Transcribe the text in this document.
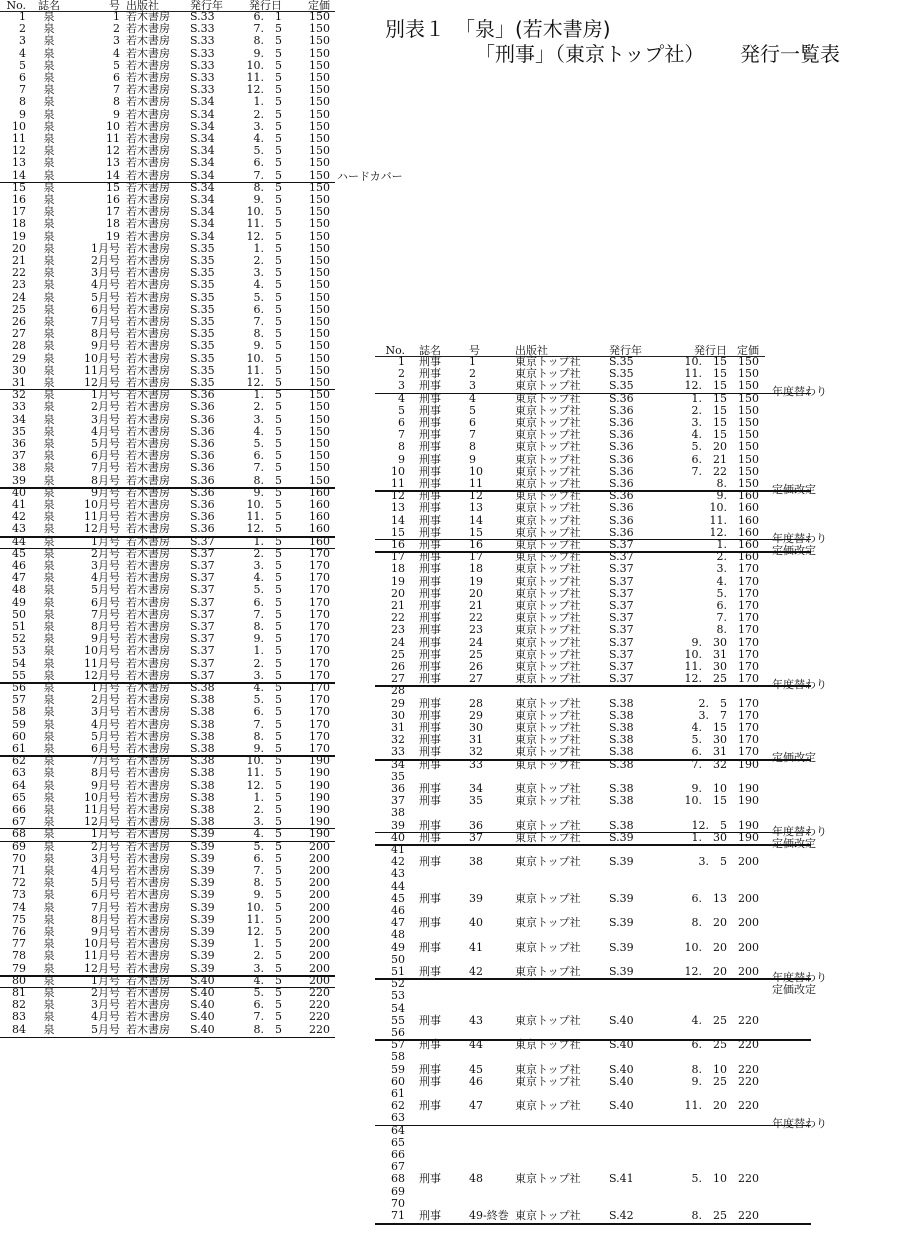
別表１　「泉」(若木書房)
「刑事」（東京トップ社） 発行一覧表
No.	誌名	号 出版社	発行年	発行日	定価
1	泉	1 若木書房	S.33	6.　1	150
2	泉	2 若木書房	S.33	7.　5	150
3	泉	3 若木書房	S.33	8.　5	150
4	泉	4 若木書房	S.33	9.　5	150
5	泉	5 若木書房	S.33	10.　5	150
6	泉	6 若木書房	S.33	11.　5	150
7	泉	7 若木書房	S.33	12.　5	150
8	泉	8 若木書房	S.34	1.　5	150
9	泉	9 若木書房	S.34	2.　5	150
10	泉	10 若木書房	S.34	3.　5	150
11	泉	11 若木書房	S.34	4.　5	150
12	泉	12 若木書房	S.34	5.　5	150
13	泉	13 若木書房	S.34	6.　5	150
14	泉	14 若木書房	S.34	7.　5	150
15	泉	15 若木書房	S.34	8.　5	150
16	泉	16 若木書房	S.34	9.　5	150
17	泉	17 若木書房	S.34	10.　5	150
18	泉	18 若木書房	S.34	11.　5	150
19	泉	19 若木書房	S.34	12.　5	150
20	泉	1月号 若木書房	S.35	1.　5	150
21	泉	2月号 若木書房	S.35	2.　5	150
22	泉	3月号 若木書房	S.35	3.　5	150
23	泉	4月号 若木書房	S.35	4.　5	150
24	泉	5月号 若木書房	S.35	5.　5	150
25	泉	6月号 若木書房	S.35	6.　5	150
26	泉	7月号 若木書房	S.35	7.　5	150
27	泉	8月号 若木書房	S.35	8.　5	150
28	泉	9月号 若木書房	S.35	9.　5	150
29	泉	10月号 若木書房	S.35	10.　5	150
30	泉	11月号 若木書房	S.35	11.　5	150
31	泉	12月号 若木書房	S.35	12.　5	150
32	泉	1月号 若木書房	S.36	1.　5	150
33	泉	2月号 若木書房	S.36	2.　5	150
34	泉	3月号 若木書房	S.36	3.　5	150
35	泉	4月号 若木書房	S.36	4.　5	150
36	泉	5月号 若木書房	S.36	5.　5	150
37	泉	6月号 若木書房	S.36	6.　5	150
38	泉	7月号 若木書房	S.36	7.　5	150
39	泉	8月号 若木書房	S.36	8.　5	150
40	泉	9月号 若木書房	S.36	9.　5	160
41	泉	10月号 若木書房	S.36	10.　5	160
42	泉	11月号 若木書房	S.36	11.　5	160
43	泉	12月号 若木書房	S.36	12.　5	160
44	泉	1月号 若木書房	S.37	1.　5	160
45	泉	2月号 若木書房	S.37	2.　5	170
46	泉	3月号 若木書房	S.37	3.　5	170
47	泉	4月号 若木書房	S.37	4.　5	170
48	泉	5月号 若木書房	S.37	5.　5	170
49	泉	6月号 若木書房	S.37	6.　5	170
50	泉	7月号 若木書房	S.37	7.　5	170
51	泉	8月号 若木書房	S.37	8.　5	170
52	泉	9月号 若木書房	S.37	9.　5	170
53	泉	10月号 若木書房	S.37	1.　5	170
54	泉	11月号 若木書房	S.37	2.　5	170
55	泉	12月号 若木書房	S.37	3.　5	170
56	泉	1月号 若木書房	S.38	4.　5	170
57	泉	2月号 若木書房	S.38	5.　5	170
58	泉	3月号 若木書房	S.38	6.　5	170
59	泉	4月号 若木書房	S.38	7.　5	170
60	泉	5月号 若木書房	S.38	8.　5	170
61	泉	6月号 若木書房	S.38	9.　5	170
62	泉	7月号 若木書房	S.38	10.　5	190
63	泉	8月号 若木書房	S.38	11.　5	190
64	泉	9月号 若木書房	S.38	12.　5	190
65	泉	10月号 若木書房	S.38	1.　5	190
66	泉	11月号 若木書房	S.38	2.　5	190
67	泉	12月号 若木書房	S.38	3.　5	190
68	泉	1月号 若木書房	S.39	4.　5	190
69	泉	2月号 若木書房	S.39	5.　5	200
70	泉	3月号 若木書房	S.39	6.　5	200
71	泉	4月号 若木書房	S.39	7.　5	200
72	泉	5月号 若木書房	S.39	8.　5	200
73	泉	6月号 若木書房	S.39	9.　5	200
74	泉	7月号 若木書房	S.39	10.　5	200
75	泉	8月号 若木書房	S.39	11.　5	200
76	泉	9月号 若木書房	S.39	12.　5	200
77	泉	10月号 若木書房	S.39	1.　5	200
78	泉	11月号 若木書房	S.39	2.　5	200
79	泉	12月号 若木書房	S.39	3.　5	200
80	泉	1月号 若木書房	S.40	4.　5	200
81	泉	2月号 若木書房	S.40	5.　5	220
82	泉	3月号 若木書房	S.40	6.　5	220
83	泉	4月号 若木書房	S.40	7.　5	220
84	泉	5月号 若木書房	S.40	8.　5	220
ハードカバー
No. 誌名	号	出版社	発行年	発行日 定価
1 刑事	1	東京トップ社	S.35	10.　15	150
2 刑事	2	東京トップ社	S.35	11.　15	150
3 刑事	3	東京トップ社	S.35	12.　15	150
4 刑事	4	東京トップ社	S.36	1.　15	150
5 刑事	5	東京トップ社	S.36	2.　15	150
6 刑事	6	東京トップ社	S.36	3.　15	150
7 刑事	7	東京トップ社	S.36	4.　15	150
8 刑事	8	東京トップ社	S.36	5.　20	150
9 刑事	9	東京トップ社	S.36	6.　21	150
10 刑事	10	東京トップ社	S.36	7.　22	150
11 刑事	11	東京トップ社	S.36	8.	150
12 刑事	12	東京トップ社	S.36	9.	160
13 刑事	13	東京トップ社	S.36	10.	160
14 刑事	14	東京トップ社	S.36	11.	160
15 刑事	15	東京トップ社	S.36	12.	160
16 刑事	16	東京トップ社	S.37	1.	160
17 刑事	17	東京トップ社	S.37	2.	160
18 刑事	18	東京トップ社	S.37	3.	170
19 刑事	19	東京トップ社	S.37	4.	170
20 刑事	20	東京トップ社	S.37	5.	170
21 刑事	21	東京トップ社	S.37	6.	170
22 刑事	22	東京トップ社	S.37	7.	170
23 刑事	23	東京トップ社	S.37	8.	170
24 刑事	24	東京トップ社	S.37	9.　30	170
25 刑事	25	東京トップ社	S.37	10.　31	170
26 刑事	26	東京トップ社	S.37	11.　30	170
27 刑事	27	東京トップ社	S.37	12.　25	170
28
29 刑事	28	東京トップ社	S.38	2.　5	170
30 刑事	29	東京トップ社	S.38	3.　7	170
31 刑事	30	東京トップ社	S.38	4.　15	170
32 刑事	31	東京トップ社	S.38	5.　30	170
33 刑事	32	東京トップ社	S.38	6.　31	170
34 刑事	33	東京トップ社	S.38	7.　32	190
35
36 刑事	34	東京トップ社	S.38	9.　10	190
37 刑事	35	東京トップ社	S.38	10.　15	190
38
39 刑事	36	東京トップ社	S.38	12.　5	190
40 刑事	37	東京トップ社	S.39	1.　30	190
41
42 刑事	38	東京トップ社	S.39	3.　5	200
43
44
45 刑事	39	東京トップ社	S.39	6.　13	200
46
47 刑事	40	東京トップ社	S.39	8.　20	200
48
49 刑事	41	東京トップ社	S.39	10.　20	200
50
51 刑事	42	東京トップ社	S.39	12.　20	200
52
53
54
55 刑事	43	東京トップ社	S.40	4.　25	220
56
57 刑事	44	東京トップ社	S.40	6.　25	220
58
59 刑事	45	東京トップ社	S.40	8.　10	220
60 刑事	46	東京トップ社	S.40	9.　25	220
61
62 刑事	47	東京トップ社	S.40	11.　20	220
63
64
65
66
67
68 刑事	48	東京トップ社	S.41	5.　10	220
69
70
71 刑事	49-終巻 東京トップ社	S.42	8.　25	220
年度替わり
定価改定
年度替わり
定価改定
年度替わり
定価改定
年度替わり
定価改定
年度替わり
定価改定
年度替わり
